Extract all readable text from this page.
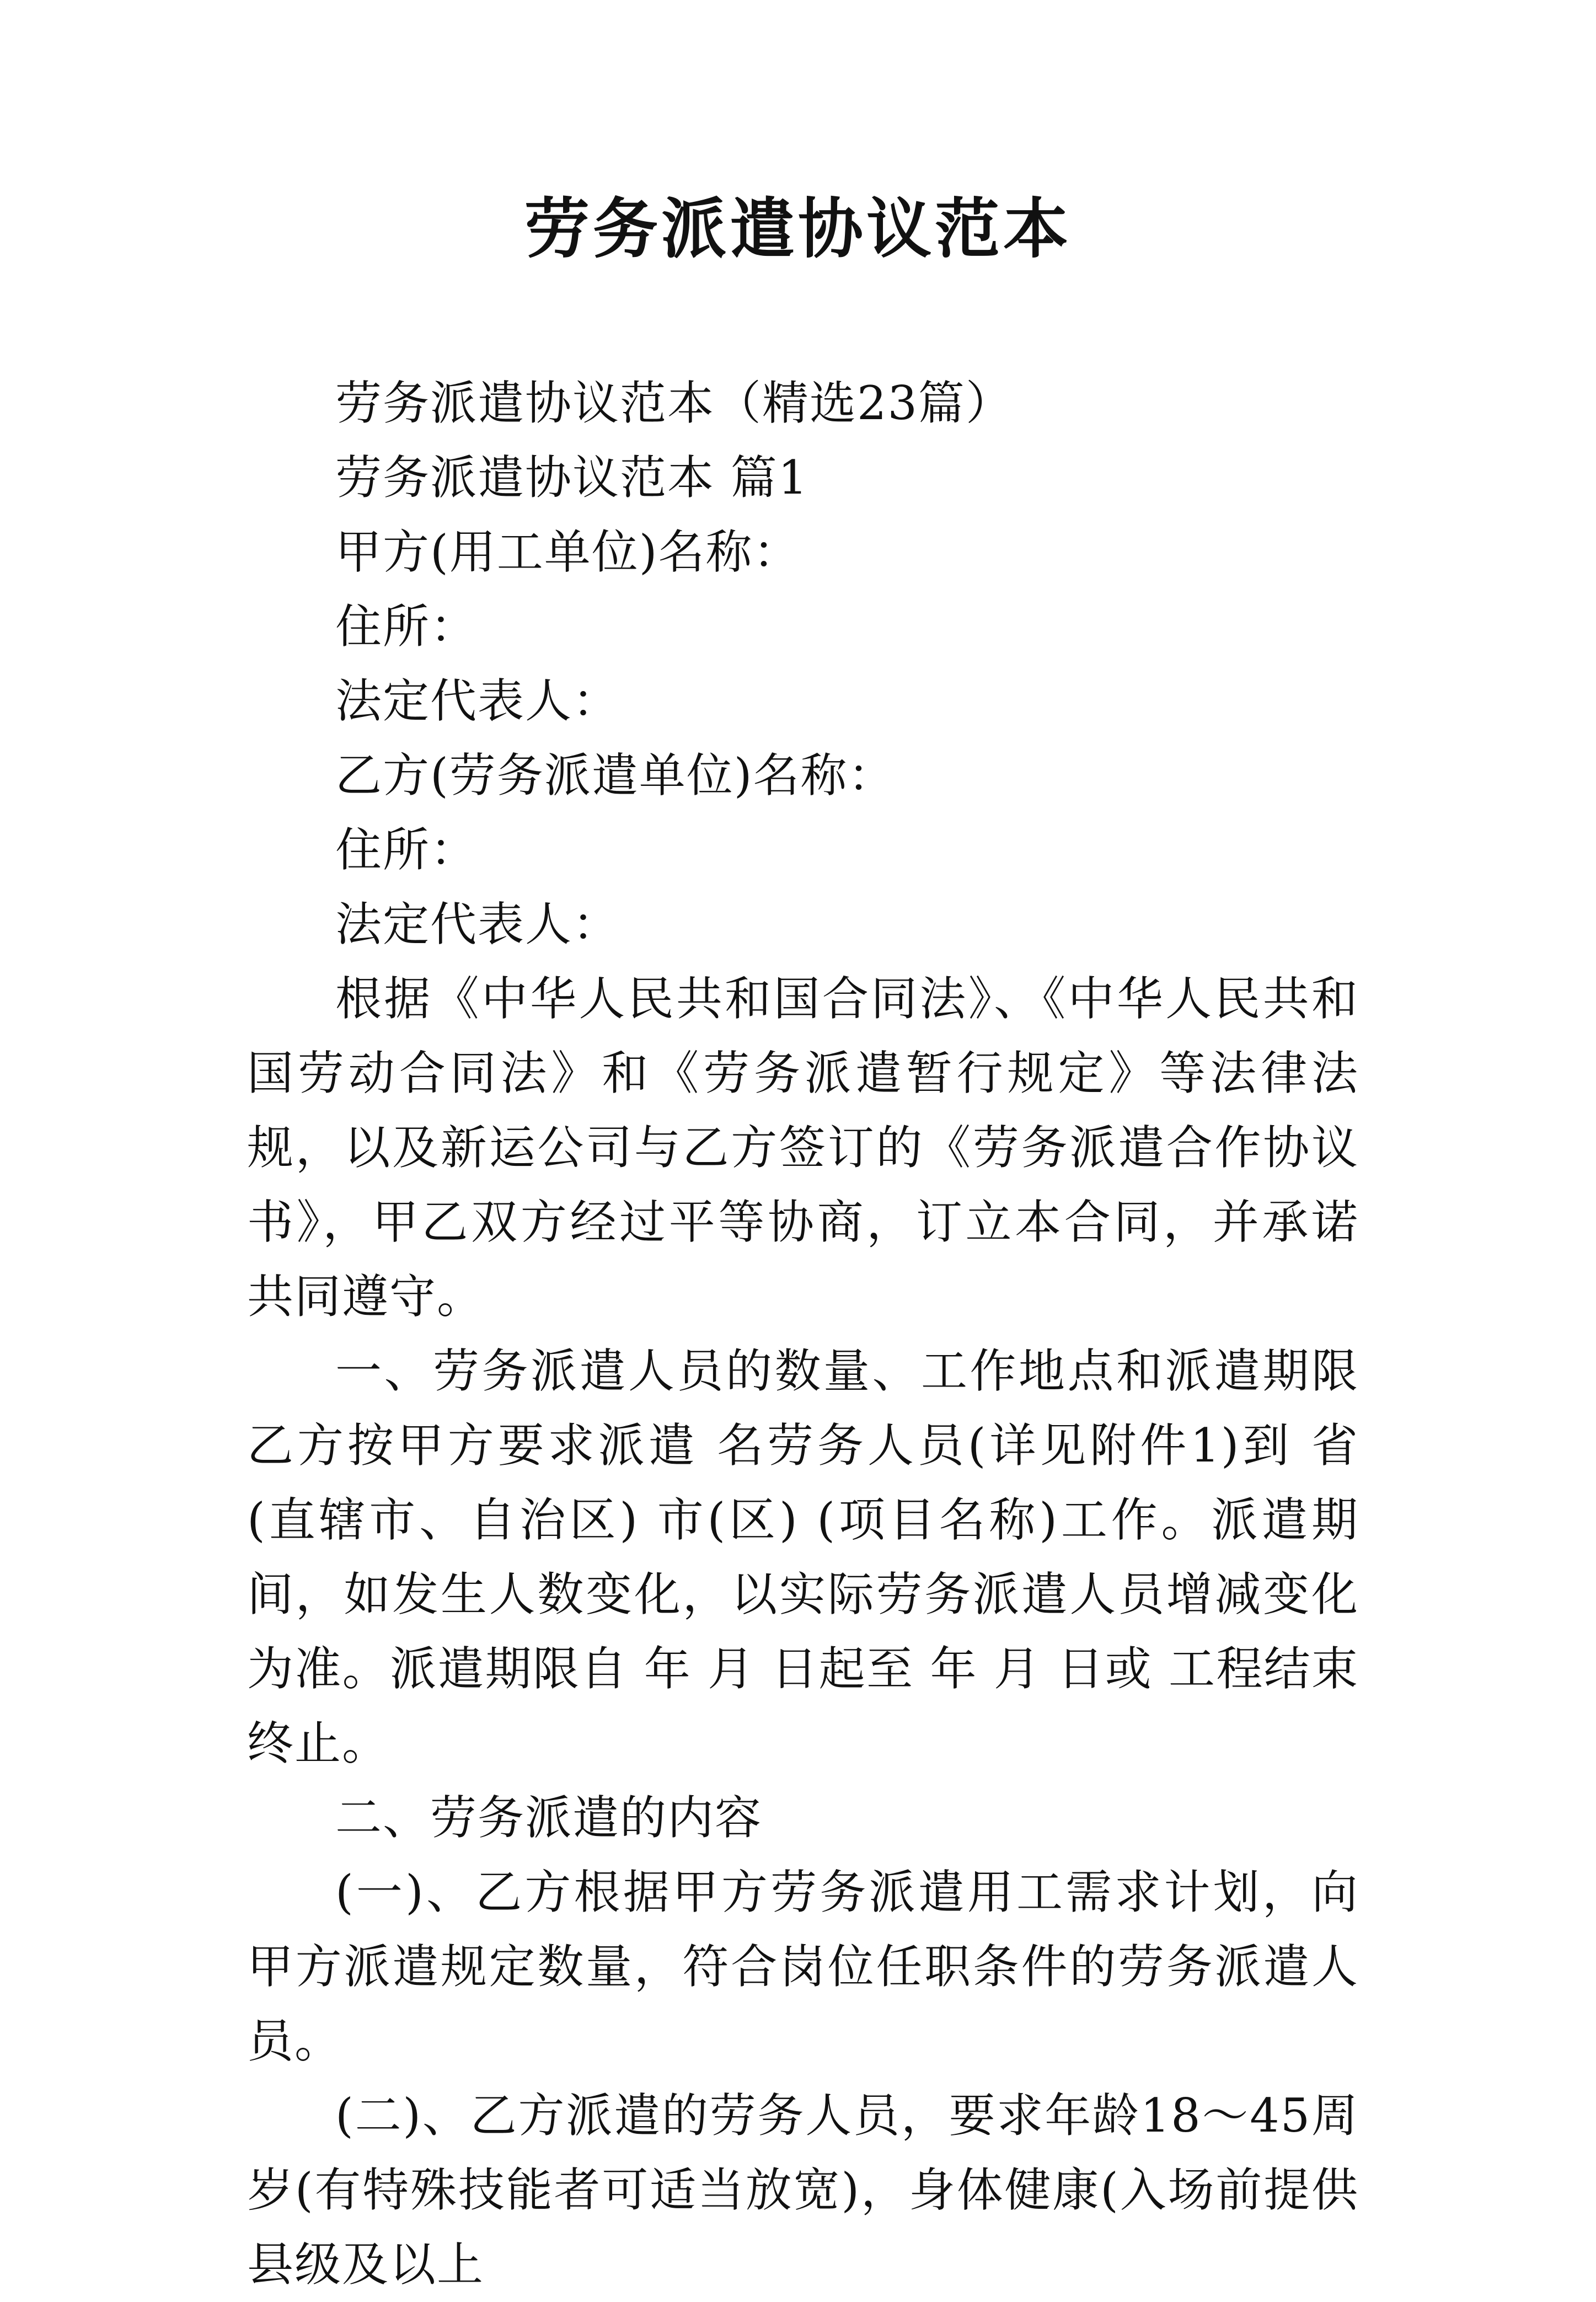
劳务派遣协议范本

劳务派遣协议范本（精选23篇）

劳务派遣协议范本 篇1

甲方(用工单位)名称：

住所：

法定代表人：

乙方(劳务派遣单位)名称：

住所：

法定代表人：

根据《中华人民共和国合同法》、《中华人民共和国劳动合同法》和《劳务派遣暂行规定》等法律法规，以及新运公司与乙方签订的《劳务派遣合作协议书》，甲乙双方经过平等协商，订立本合同，并承诺共同遵守。

一、劳务派遣人员的数量、工作地点和派遣期限乙方按甲方要求派遣 名劳务人员(详见附件1)到 省(直辖市、自治区) 市(区) (项目名称)工作。派遣期间，如发生人数变化，以实际劳务派遣人员增减变化为准。派遣期限自 年 月 日起至 年 月 日或 工程结束终止。

二、劳务派遣的内容

(一)、乙方根据甲方劳务派遣用工需求计划，向甲方派遣规定数量，符合岗位任职条件的劳务派遣人员。

(二)、乙方派遣的劳务人员，要求年龄18～45周岁(有特殊技能者可适当放宽)，身体健康(入场前提供县级及以上
